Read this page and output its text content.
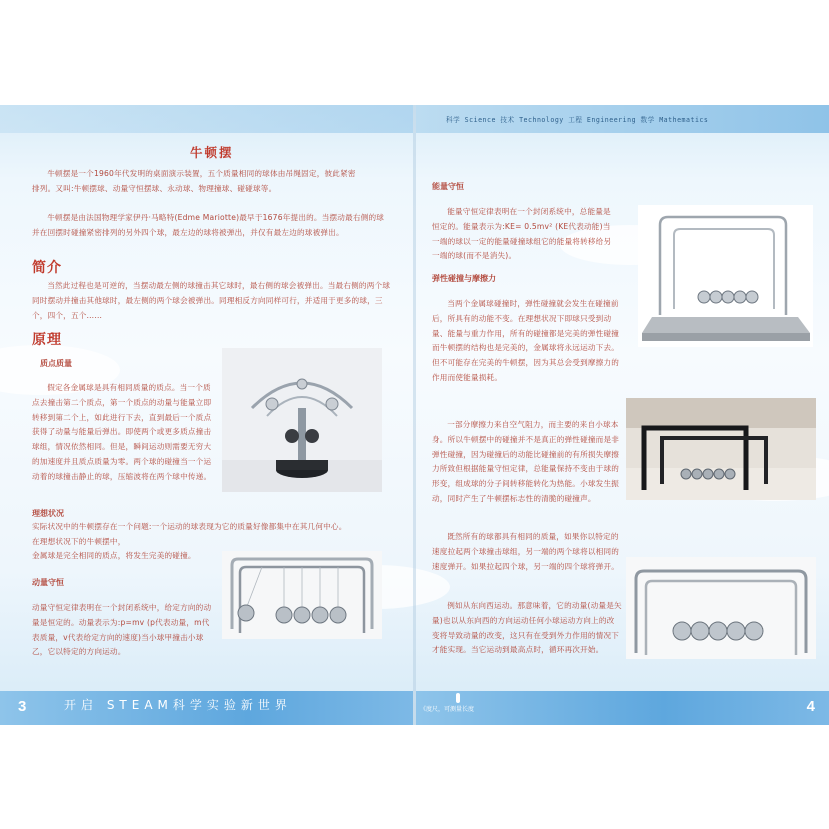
牛顿摆
牛顿摆是一个1960年代发明的桌面演示装置，五个质量相同的球体由吊绳固定，彼此紧密排列。又叫:牛顿摆球、动量守恒摆球、永动球、物理撞球、碰碰球等。
牛顿摆是由法国物理学家伊丹·马略特(Edme Mariotte)最早于1676年提出的。当摆动最右侧的球并在回摆时碰撞紧密排列的另外四个球，最左边的球将被弹出，并仅有最左边的球被弹出。
简介
当然此过程也是可逆的，当摆动最左侧的球撞击其它球时，最右侧的球会被弹出。当最右侧的两个球同时摆动并撞击其他球时，最左侧的两个球会被弹出。同理相反方向同样可行，并适用于更多的球，三个，四个，五个……
原理
质点质量
假定各金属球是具有相同质量的质点。当一个质点去撞击第二个质点，第一个质点的动量与能量立即转移到第二个上，如此进行下去，直到最后一个质点获得了动量与能量后弹出。即使两个或更多质点撞击球组，情况依然相同。但是，瞬间运动则需要无穷大的加速度并且质点质量为零。两个球的碰撞当一个运动着的球撞击静止的球，压缩波将在两个球中传递。
理想状况
实际状况中的牛顿摆存在一个问题:一个运动的球表现为它的质量好像都集中在其几何中心。
在理想状况下的牛顿摆中，
金属球是完全相同的质点，将发生完美的碰撞。
动量守恒
动量守恒定律表明在一个封闭系统中，给定方向的动量是恒定的。动量表示为:p=mv (p代表动量，m代表质量，v代表给定方向的速度)当小球甲撞击小球乙，它以特定的方向运动。
3	开启 STEAM科学实验新世界
科学 Science 技术 Technology 工程 Engineering 数学 Mathematics
能量守恒
能量守恒定律表明在一个封闭系统中，总能量是恒定的。能量表示为:KE= 0.5mv² (KE代表动能)当一端的球以一定的能量碰撞球组它的能量将转移给另一端的球(而不是消失)。
弹性碰撞与摩擦力
当两个金属球碰撞时，弹性碰撞就会发生在碰撞前后，所具有的动能不变。在理想状况下即球只受到动量、能量与重力作用，所有的碰撞都是完美的弹性碰撞而牛顿摆的结构也是完美的，金属球将永远运动下去。但不可能存在完美的牛顿摆，因为其总会受到摩擦力的作用而使能量损耗。
一部分摩擦力来自空气阻力，而主要的来自小球本身。所以牛顿摆中的碰撞并不是真正的弹性碰撞而是非弹性碰撞，因为碰撞后的动能比碰撞前的有所损失摩擦力所致但根据能量守恒定律，总能量保持不变由于球的形变，组成球的分子间转移能转化为热能。小球发生振动，同时产生了牛顿摆标志性的清脆的碰撞声。
既然所有的球都具有相同的质量，如果你以特定的速度拉起两个球撞击球组，另一端的两个球将以相同的速度弹开。如果拉起四个球，另一端的四个球将弹开。
例如从东向西运动。那意味着，它的动量(动量是矢量)也以从东向西的方向运动任何小球运动方向上的改变将导致动量的改变，这只有在受到外力作用的情况下才能实现。当它运动到最高点时，循环再次开始。
《度尺，可测量长度	4
